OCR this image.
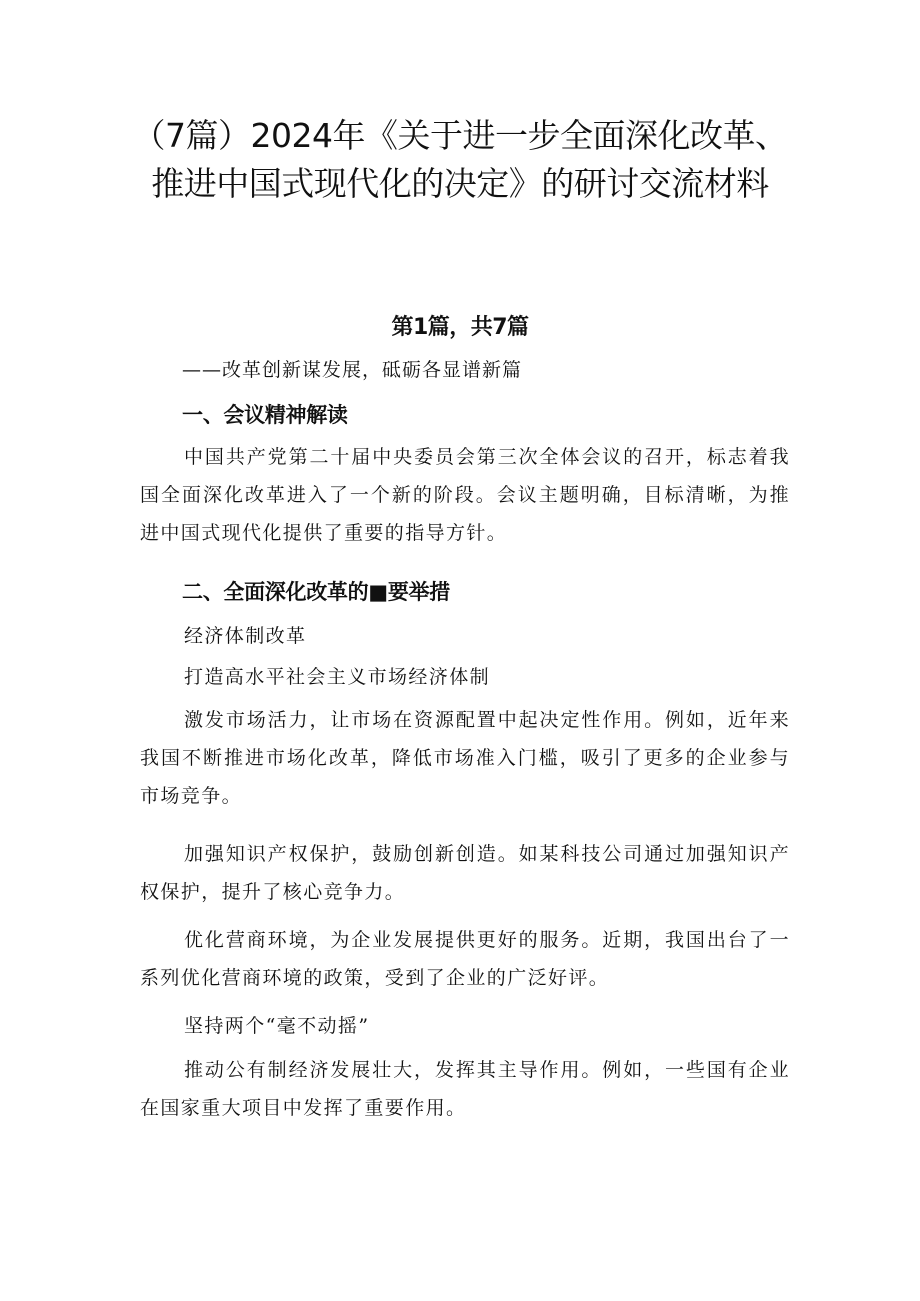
（7篇）2024年《关于进一步全面深化改革、推进中国式现代化的决定》的研讨交流材料
第1篇，共7篇
——改革创新谋发展，砥砺各显谱新篇
一、会议精神解读

中国共产党第二十届中央委员会第三次全体会议的召开，标志着我国全面深化改革进入了一个新的阶段。会议主题明确，目标清晰，为推进中国式现代化提供了重要的指导方针。

二、全面深化改革的■要举措
经济体制改革
打造高水平社会主义市场经济体制

激发市场活力，让市场在资源配置中起决定性作用。例如，近年来我国不断推进市场化改革，降低市场准入门槛，吸引了更多的企业参与市场竞争。

加强知识产权保护，鼓励创新创造。如某科技公司通过加强知识产权保护，提升了核心竞争力。

优化营商环境，为企业发展提供更好的服务。近期，我国出台了一系列优化营商环境的政策，受到了企业的广泛好评。

坚持两个“毫不动摇”

推动公有制经济发展壮大，发挥其主导作用。例如，一些国有企业在国家重大项目中发挥了重要作用。
